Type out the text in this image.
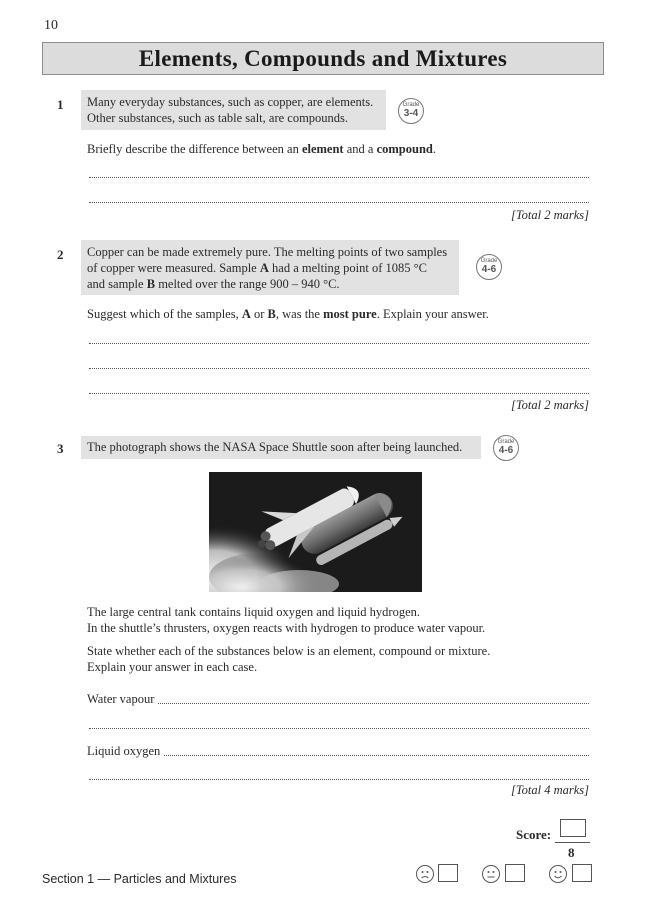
10
Elements, Compounds and Mixtures
1 Many everyday substances, such as copper, are elements.
Other substances, such as table salt, are compounds.
Grade
3-4
Briefly describe the difference between an element and a compound.
[Total 2 marks]
2 Copper can be made extremely pure. The melting points of two samples
of copper were measured. Sample A had a melting point of 1085 °C
and sample B melted over the range 900 – 940 °C.
Grade
4-6
Suggest which of the samples, A or B, was the most pure. Explain your answer.
[Total 2 marks]
3	The photograph shows the NASA Space Shuttle soon after being launched.	Grade
4-6
The large central tank contains liquid oxygen and liquid hydrogen.
In the shuttle’s thrusters, oxygen reacts with hydrogen to produce water vapour.
State whether each of the substances below is an element, compound or mixture.
Explain your answer in each case.
Water vapour
Liquid oxygen
[Total 4 marks]
Score:
8
Section 1 — Particles and Mixtures
